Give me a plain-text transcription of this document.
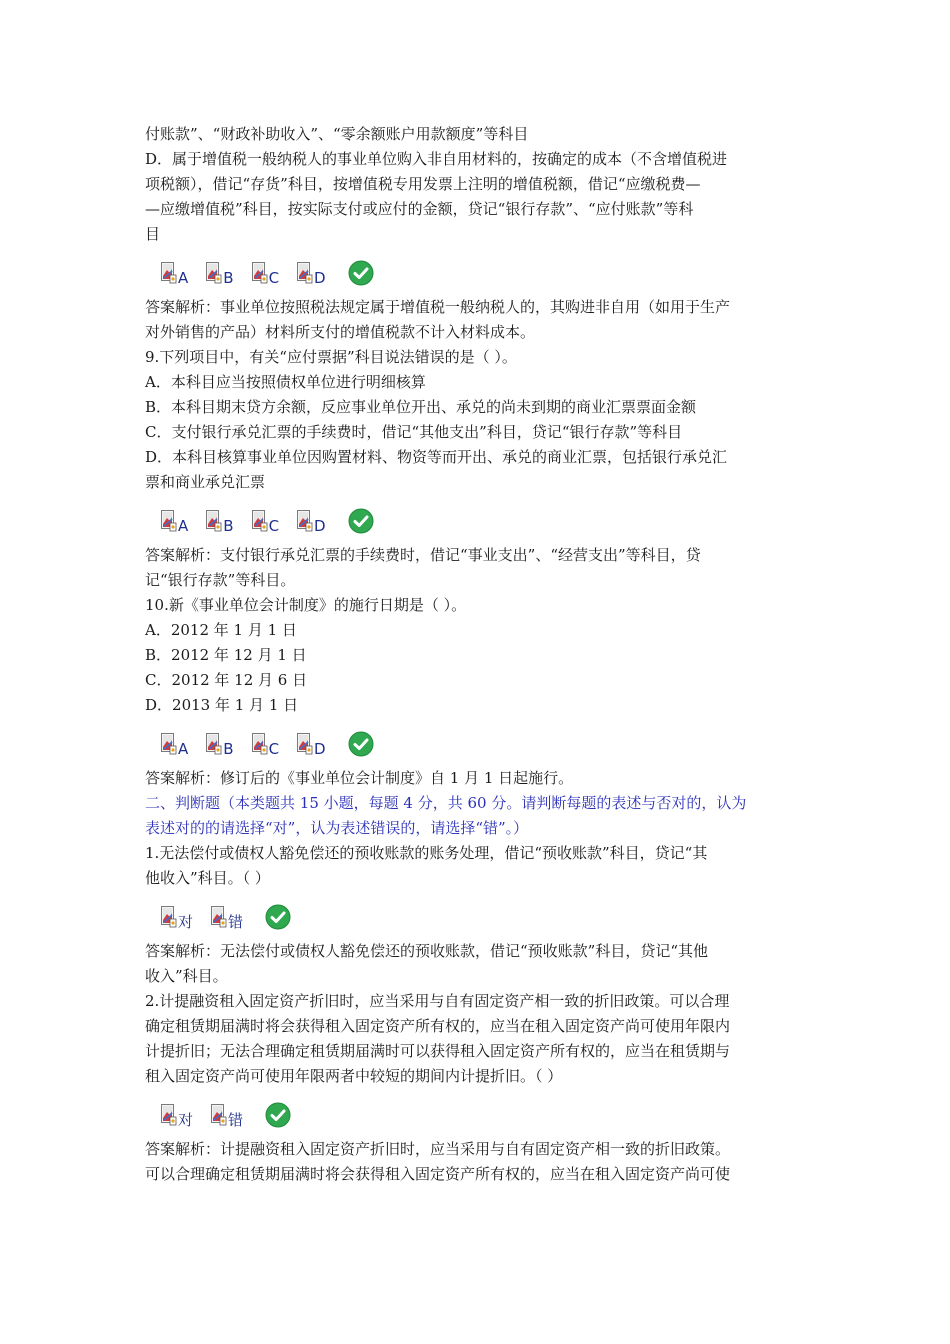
付账款”、“财政补助收入”、“零余额账户用款额度”等科目
D．属于增值税一般纳税人的事业单位购入非自用材料的，按确定的成本（不含增值税进
项税额），借记“存货”科目，按增值税专用发票上注明的增值税额，借记“应缴税费—
—应缴增值税”科目，按实际支付或应付的金额，贷记“银行存款”、“应付账款”等科
目
A B C D
答案解析：事业单位按照税法规定属于增值税一般纳税人的，其购进非自用（如用于生产
对外销售的产品）材料所支付的增值税款不计入材料成本。
9.下列项目中，有关“应付票据”科目说法错误的是（ ）。
A．本科目应当按照债权单位进行明细核算
B．本科目期末贷方余额，反应事业单位开出、承兑的尚未到期的商业汇票票面金额
C．支付银行承兑汇票的手续费时，借记“其他支出”科目，贷记“银行存款”等科目
D．本科目核算事业单位因购置材料、物资等而开出、承兑的商业汇票，包括银行承兑汇
票和商业承兑汇票
A B C D
答案解析：支付银行承兑汇票的手续费时，借记“事业支出”、“经营支出”等科目，贷
记“银行存款”等科目。
10.新《事业单位会计制度》的施行日期是（ ）。
A．2012 年 1 月 1 日
B．2012 年 12 月 1 日
C．2012 年 12 月 6 日
D．2013 年 1 月 1 日
A B C D
答案解析：修订后的《事业单位会计制度》自 1 月 1 日起施行。
二、判断题（本类题共 15 小题，每题 4 分，共 60 分。请判断每题的表述与否对的，认为
表述对的的请选择“对”，认为表述错误的，请选择“错”。）
1.无法偿付或债权人豁免偿还的预收账款的账务处理，借记“预收账款”科目，贷记“其
他收入”科目。（ ）
对 错
答案解析：无法偿付或债权人豁免偿还的预收账款，借记“预收账款”科目，贷记“其他
收入”科目。
2.计提融资租入固定资产折旧时，应当采用与自有固定资产相一致的折旧政策。可以合理
确定租赁期届满时将会获得租入固定资产所有权的，应当在租入固定资产尚可使用年限内
计提折旧；无法合理确定租赁期届满时可以获得租入固定资产所有权的，应当在租赁期与
租入固定资产尚可使用年限两者中较短的期间内计提折旧。（ ）
对 错
答案解析：计提融资租入固定资产折旧时，应当采用与自有固定资产相一致的折旧政策。
可以合理确定租赁期届满时将会获得租入固定资产所有权的，应当在租入固定资产尚可使
